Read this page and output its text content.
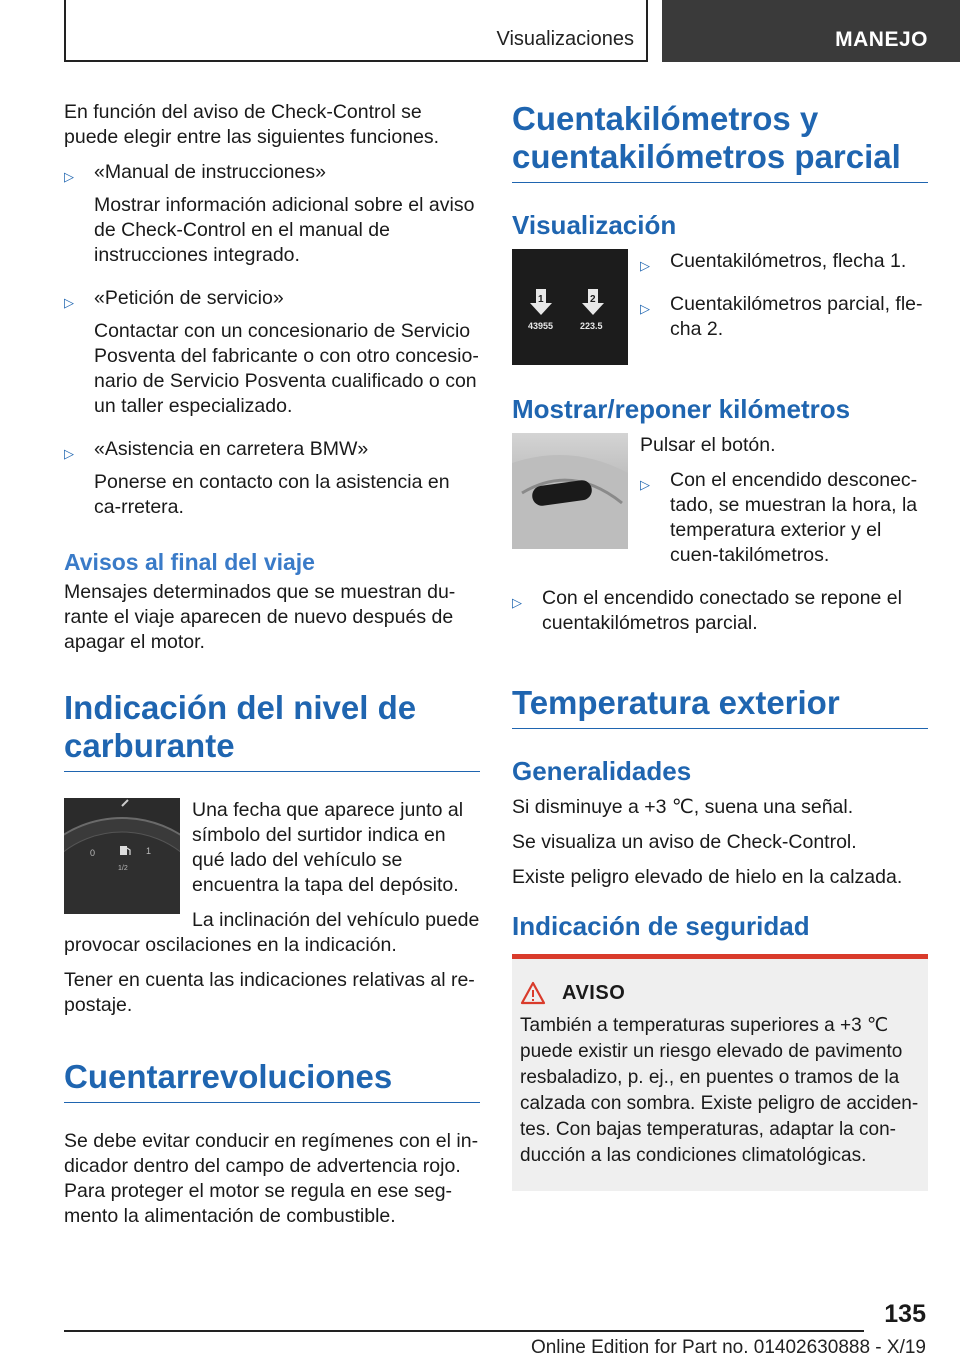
Visualizaciones	MANEJO

En función del aviso de Check-Control se puede elegir entre las siguientes funciones.

▷	«Manual de instrucciones»

Mostrar información adicional sobre el aviso de Check-Control en el manual de instrucciones integrado.

▷	«Petición de servicio»

Contactar con un concesionario de Servicio Posventa del fabricante o con otro concesio-nario de Servicio Posventa cualificado o con un taller especializado.

▷	«Asistencia en carretera BMW»

Ponerse en contacto con la asistencia en ca-rretera.

Avisos al final del viaje

Mensajes determinados que se muestran du-rante el viaje aparecen de nuevo después de apagar el motor.

Indicación del nivel de carburante
0	1
1/2

Una fecha que aparece junto al símbolo del surtidor indica en qué lado del vehículo se encuentra la tapa del depósito.

La inclinación del vehículo puede provocar oscilaciones en la indicación.

Tener en cuenta las indicaciones relativas al re-postaje.

Cuentarrevoluciones

Se debe evitar conducir en regímenes con el in-dicador dentro del campo de advertencia rojo. Para proteger el motor se regula en ese seg-mento la alimentación de combustible.

Cuentakilómetros y cuentakilómetros parcial
Visualización
1	2
43955	223.5
▷	Cuentakilómetros, flecha 1.

▷	Cuentakilómetros parcial, fle-cha 2.

Mostrar/reponer kilómetros

Pulsar el botón.

▷	Con el encendido desconec-tado, se muestran la hora, la temperatura exterior y el cuen-takilómetros.

▷	Con el encendido conectado se repone el cuentakilómetros parcial.

Temperatura exterior
Generalidades

Si disminuye a +3 ℃, suena una señal.

Se visualiza un aviso de Check-Control.

Existe peligro elevado de hielo en la calzada.

Indicación de seguridad
AVISO

También a temperaturas superiores a +3 ℃ puede existir un riesgo elevado de pavimento resbaladizo, p. ej., en puentes o tramos de la calzada con sombra. Existe peligro de acciden-tes. Con bajas temperaturas, adaptar la con-ducción a las condiciones climatológicas.

135
Online Edition for Part no. 01402630888 - X/19
